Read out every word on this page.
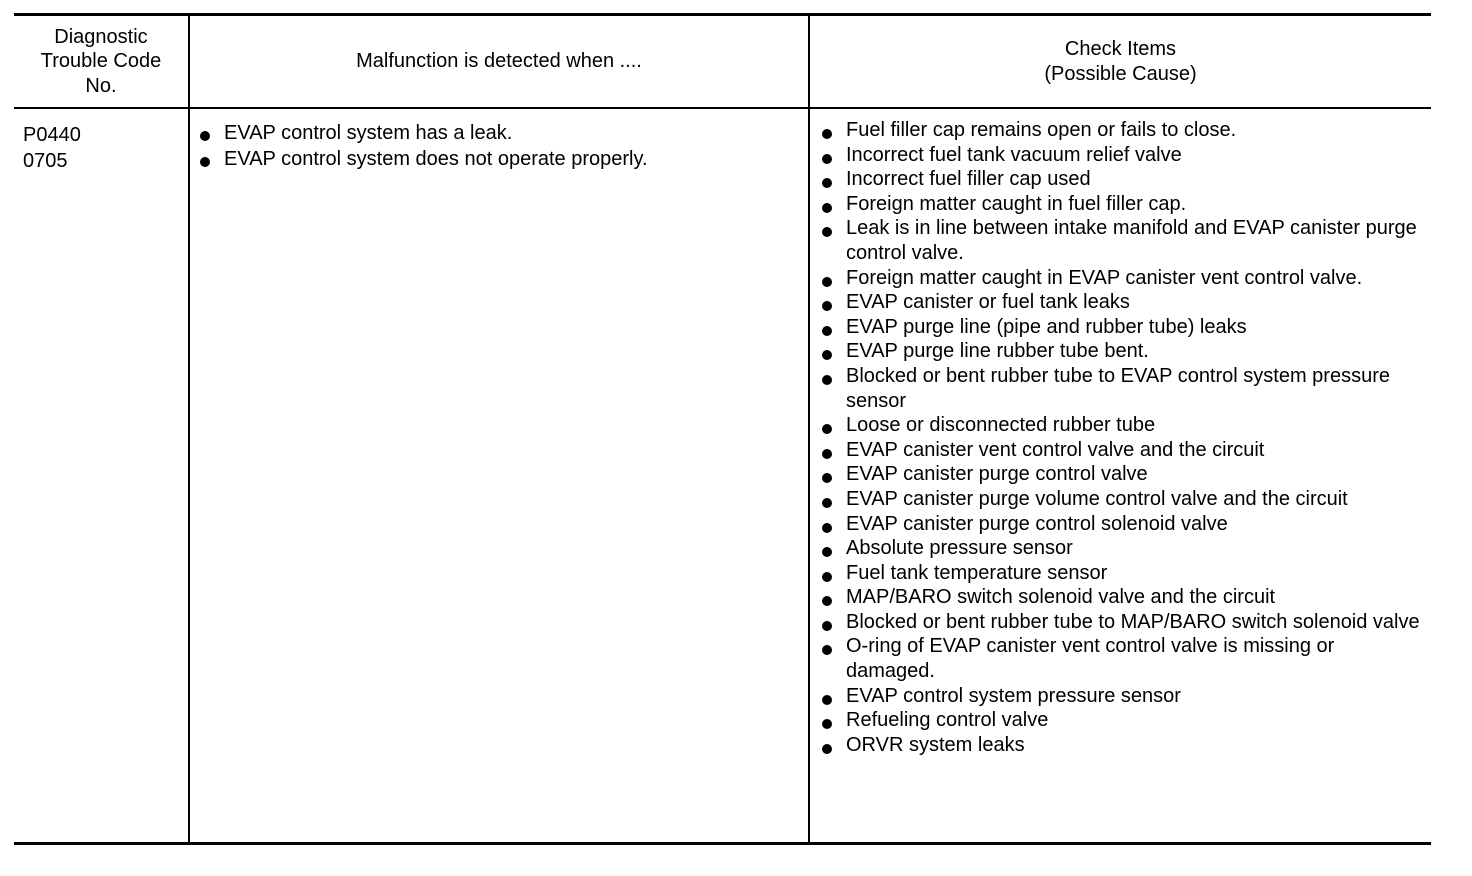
Diagnostic
Trouble Code
No.
Malfunction is detected when ....
Check Items
(Possible Cause)
P0440
0705
EVAP control system has a leak.
EVAP control system does not operate properly.
Fuel filler cap remains open or fails to close.
Incorrect fuel tank vacuum relief valve
Incorrect fuel filler cap used
Foreign matter caught in fuel filler cap.
Leak is in line between intake manifold and EVAP canister purge control valve.
Foreign matter caught in EVAP canister vent control valve.
EVAP canister or fuel tank leaks
EVAP purge line (pipe and rubber tube) leaks
EVAP purge line rubber tube bent.
Blocked or bent rubber tube to EVAP control system pressure sensor
Loose or disconnected rubber tube
EVAP canister vent control valve and the circuit
EVAP canister purge control valve
EVAP canister purge volume control valve and the circuit
EVAP canister purge control solenoid valve
Absolute pressure sensor
Fuel tank temperature sensor
MAP/BARO switch solenoid valve and the circuit
Blocked or bent rubber tube to MAP/BARO switch solenoid valve
O-ring of EVAP canister vent control valve is missing or damaged.
EVAP control system pressure sensor
Refueling control valve
ORVR system leaks
